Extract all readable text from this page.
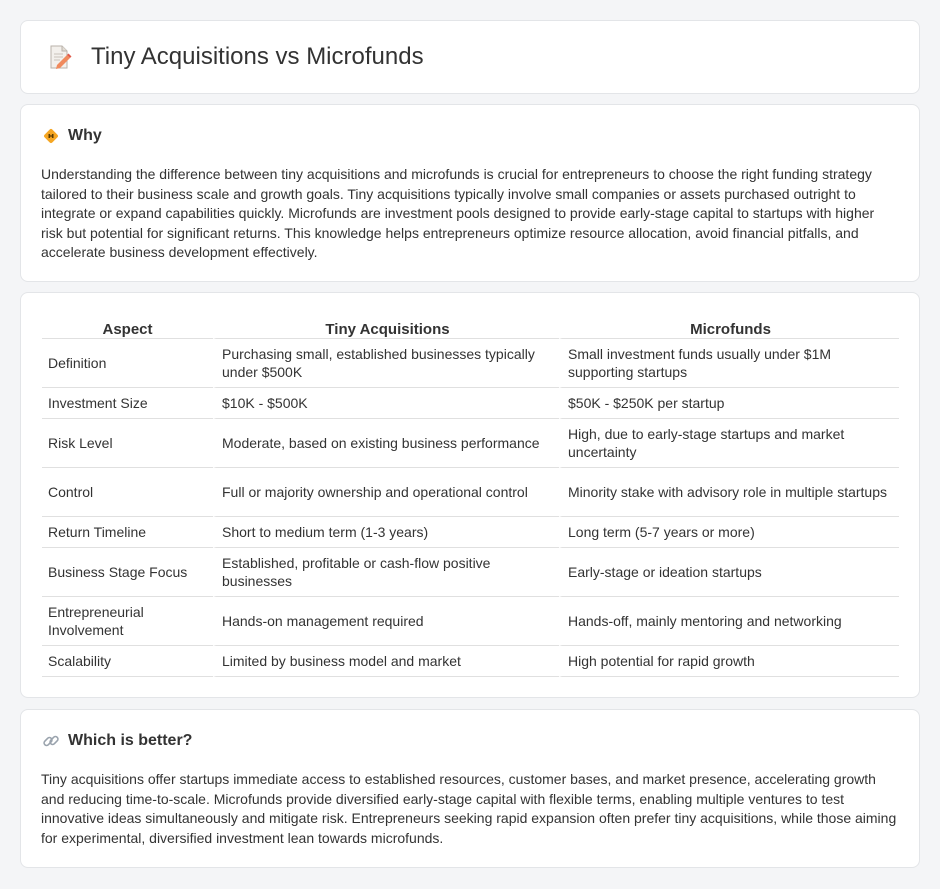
Tiny Acquisitions vs Microfunds
Why

Understanding the difference between tiny acquisitions and microfunds is crucial for entrepreneurs to choose the right funding strategy tailored to their business scale and growth goals. Tiny acquisitions typically involve small companies or assets purchased outright to integrate or expand capabilities quickly. Microfunds are investment pools designed to provide early-stage capital to startups with higher risk but potential for significant returns. This knowledge helps entrepreneurs optimize resource allocation, avoid financial pitfalls, and accelerate business development effectively.

Aspect	Tiny Acquisitions	Microfunds
Definition	Purchasing small, established businesses typically under $500K	Small investment funds usually under $1M supporting startups
Investment Size	$10K - $500K	$50K - $250K per startup
Risk Level	Moderate, based on existing business performance	High, due to early-stage startups and market uncertainty
Control	Full or majority ownership and operational control	Minority stake with advisory role in multiple startups
Return Timeline	Short to medium term (1-3 years)	Long term (5-7 years or more)
Business Stage Focus	Established, profitable or cash-flow positive businesses	Early-stage or ideation startups
Entrepreneurial Involvement	Hands-on management required	Hands-off, mainly mentoring and networking
Scalability	Limited by business model and market	High potential for rapid growth
Which is better?

Tiny acquisitions offer startups immediate access to established resources, customer bases, and market presence, accelerating growth and reducing time-to-scale. Microfunds provide diversified early-stage capital with flexible terms, enabling multiple ventures to test innovative ideas simultaneously and mitigate risk. Entrepreneurs seeking rapid expansion often prefer tiny acquisitions, while those aiming for experimental, diversified investment lean towards microfunds.
